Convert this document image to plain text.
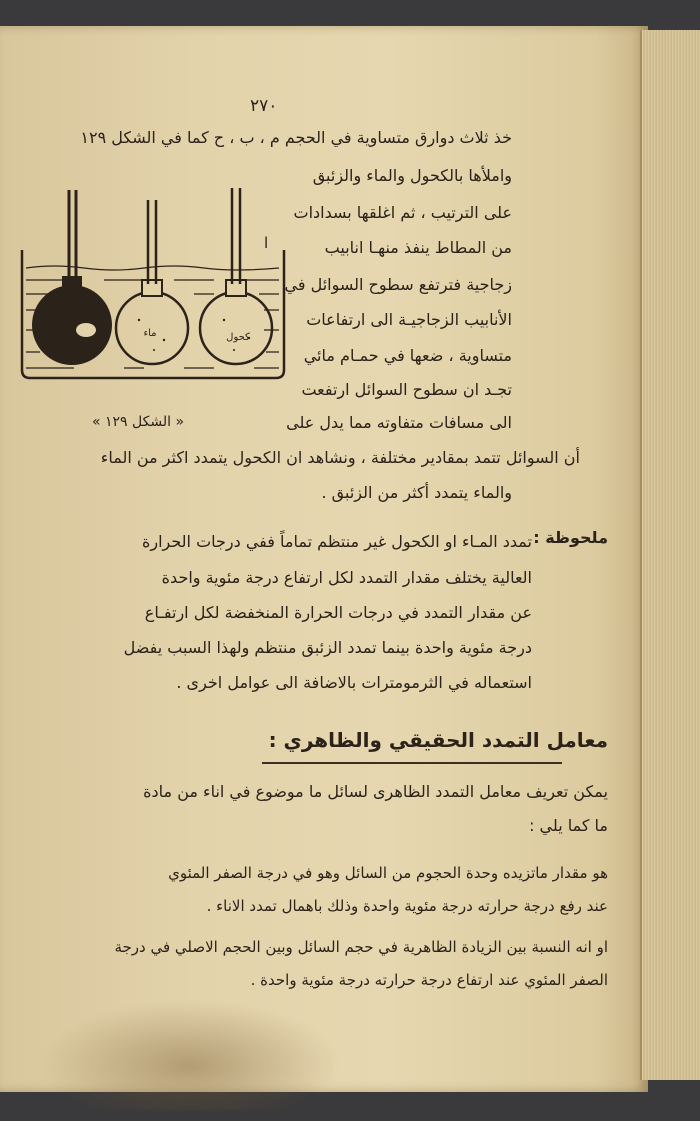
٢٧٠
خذ ثلاث دوارق متساوية في الحجم م ، ب ، ح كما في الشكل ١٢٩
واملأها بالكحول والماء والزئبق
على الترتيب ، ثم اغلقها بسدادات
من المطاط ينفذ منهـا انابيب
زجاجية فترتفع سطوح السوائل في
الأنابيب الزجاجيـة الى ارتفاعات
متساوية ، ضعها في حمـام مائي
تجـد ان سطوح السوائل ارتفعت
الى مسافات متفاوته مما يدل على
أن السوائل تتمد بمقادير مختلفة ، ونشاهد ان الكحول يتمدد اكثر من الماء
والماء يتمدد أكثر من الزئبق .
ا
ماء	كحول
« الشكل ١٢٩ »
ملحوظة :
تمدد المـاء او الكحول غير منتظم تماماً ففي درجات الحرارة
العالية يختلف مقدار التمدد لكل ارتفاع درجة مئوية واحدة
عن مقدار التمدد في درجات الحرارة المنخفضة لكل ارتفـاع
درجة مئوية واحدة بينما تمدد الزئبق منتظم ولهذا السبب يفضل
استعماله في الثرمومترات بالاضافة الى عوامل اخرى .
معامل التمدد الحقيقي والظاهري :
يمكن تعريف معامل التمدد الظاهرى لسائل ما موضوع في اناء من مادة
ما كما يلي :
هو مقدار ماتزيده وحدة الحجوم من السائل وهو في درجة الصفر المئوي
عند رفع درجة حرارته درجة مئوية واحدة وذلك باهمال تمدد الاناء .
او انه النسبة بين الزيادة الظاهرية في حجم السائل وبين الحجم الاصلي في درجة
الصفر المئوي عند ارتفاع درجة حرارته درجة مئوية واحدة .
